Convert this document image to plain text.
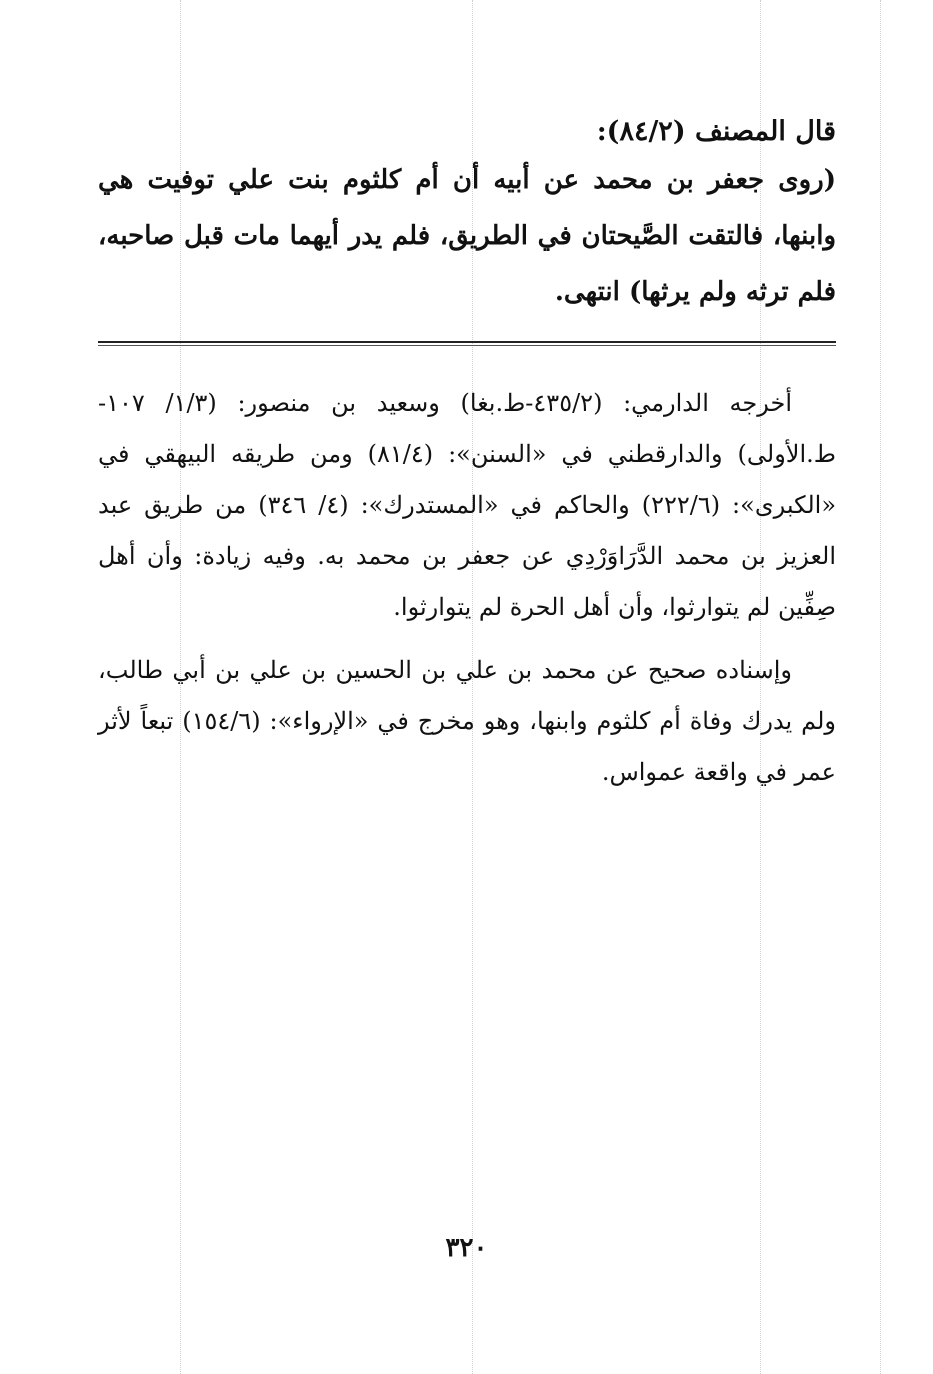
قال المصنف (٨٤/٢):

(روى جعفر بن محمد عن أبيه أن أم كلثوم بنت علي توفيت هي وابنها، فالتقت الصَّيحتان في الطريق، فلم يدر أيهما مات قبل صاحبه، فلم ترثه ولم يرثها) انتهى.

أخرجه الدارمي: (٤٣٥/٢-ط.بغا) وسعيد بن منصور: (١/٣/ ١٠٧-ط.الأولى) والدارقطني في «السنن»: (٨١/٤) ومن طريقه البيهقي في «الكبرى»: (٢٢٢/٦) والحاكم في «المستدرك»: (٤/ ٣٤٦) من طريق عبد العزيز بن محمد الدَّرَاوَرْدِي عن جعفر بن محمد به. وفيه زيادة: وأن أهل صِفِّين لم يتوارثوا، وأن أهل الحرة لم يتوارثوا.

وإسناده صحيح عن محمد بن علي بن الحسين بن علي بن أبي طالب، ولم يدرك وفاة أم كلثوم وابنها، وهو مخرج في «الإرواء»: (١٥٤/٦) تبعاً لأثر عمر في واقعة عمواس.

٣٢٠
